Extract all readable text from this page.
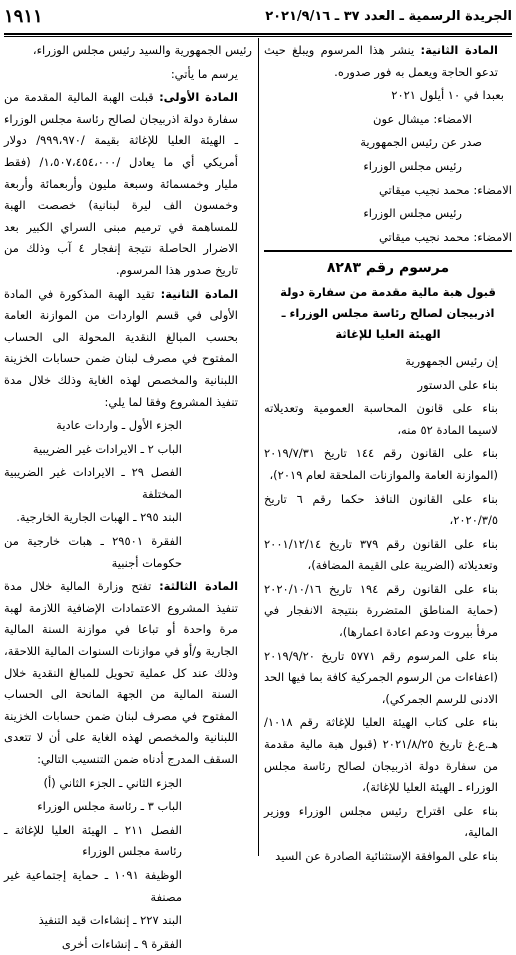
الجريدة الرسمية ـ العدد ٣٧ ـ ٢٠٢١/٩/١٦
١٩١١

المادة الثانية: ينشر هذا المرسوم ويبلغ حيث تدعو الحاجة ويعمل به فور صدوره.

بعبدا في ١٠ أيلول ٢٠٢١

الامضاء: ميشال عون

صدر عن رئيس الجمهورية

رئيس مجلس الوزراء

الامضاء: محمد نجيب ميقاتي

رئيس مجلس الوزراء

الامضاء: محمد نجيب ميقاتي

مرسوم رقم ٨٢٨٣

قبول هبة مالية مقدمة من سفارة دولة اذربيجان لصالح رئاسة مجلس الوزراء ـ الهيئة العليا للإغاثة

إن رئيس الجمهورية

بناء على الدستور

بناء على قانون المحاسبة العمومية وتعديلاته لاسيما المادة ٥٢ منه،

بناء على القانون رقم ١٤٤ تاريخ ٢٠١٩/٧/٣١ (الموازنة العامة والموازنات الملحقة لعام ٢٠١٩)،

بناء على القانون النافذ حكما رقم ٦ تاريخ ٢٠٢٠/٣/٥،

بناء على القانون رقم ٣٧٩ تاريخ ٢٠٠١/١٢/١٤ وتعديلاته (الضريبة على القيمة المضافة)،

بناء على القانون رقم ١٩٤ تاريخ ٢٠٢٠/١٠/١٦ (حماية المناطق المتضررة بنتيجة الانفجار في مرفأ بيروت ودعم اعادة اعمارها)،

بناء على المرسوم رقم ٥٧٧١ تاريخ ٢٠١٩/٩/٢٠ (اعفاءات من الرسوم الجمركية كافة بما فيها الحد الادنى للرسم الجمركي)،

بناء على كتاب الهيئة العليا للإغاثة رقم ١٠١٨/ هـ.ع.غ تاريخ ٢٠٢١/٨/٢٥ (قبول هبة مالية مقدمة من سفارة دولة اذربيجان لصالح رئاسة مجلس الوزراء ـ الهيئة العليا للإغاثة)،

بناء على اقتراح رئيس مجلس الوزراء ووزير المالية،

بناء على الموافقة الإستثنائية الصادرة عن السيد

رئيس الجمهورية والسيد رئيس مجلس الوزراء،

يرسم ما يأتي:

المادة الأولى: قبلت الهبة المالية المقدمة من سفارة دولة اذربيجان لصالح رئاسة مجلس الوزراء ـ الهيئة العليا للإغاثة بقيمة /٩٩٩،٩٧٠/ دولار أمريكي أي ما يعادل /١،٥٠٧،٤٥٤،٠٠٠/ (فقط مليار وخمسمائة وسبعة مليون وأربعمائة وأربعة وخمسون الف ليرة لبنانية) خصصت الهبة للمساهمة في ترميم مبنى السراي الكبير بعد الاضرار الحاصلة نتيجة إنفجار ٤ آب وذلك من تاريخ صدور هذا المرسوم.

المادة الثانية: تقيد الهبة المذكورة في المادة الأولى في قسم الواردات من الموازنة العامة بحسب المبالغ النقدية المحولة الى الحساب المفتوح في مصرف لبنان ضمن حسابات الخزينة اللبنانية والمخصص لهذه الغاية وذلك خلال مدة تنفيذ المشروع وفقا لما يلي:

الجزء الأول ـ واردات عادية

الباب ٢ ـ الايرادات غير الضريبية

الفصل ٢٩ ـ الايرادات غير الضريبية المختلفة

البند ٢٩٥ ـ الهبات الجارية الخارجية.

الفقرة ٢٩٥٠١ ـ هبات خارجية من حكومات أجنبية

المادة الثالثة: تفتح وزارة المالية خلال مدة تنفيذ المشروع الاعتمادات الإضافية اللازمة لهبة مرة واحدة أو تباعا في موازنة السنة المالية الجارية و/أو في موازنات السنوات المالية اللاحقة، وذلك عند كل عملية تحويل للمبالغ النقدية خلال السنة المالية من الجهة المانحة الى الحساب المفتوح في مصرف لبنان ضمن حسابات الخزينة اللبنانية والمخصص لهذه الغاية على أن لا تتعدى السقف المدرج أدناه ضمن التنسيب التالي:

الجزء الثاني ـ الجزء الثاني (أ)

الباب ٣ ـ رئاسة مجلس الوزراء

الفصل ٢١١ ـ الهيئة العليا للإغاثة ـ رئاسة مجلس الوزراء

الوظيفة ١٠٩١ ـ حماية إجتماعية غير مصنفة

البند ٢٢٧ ـ إنشاءات قيد التنفيذ

الفقرة ٩ ـ إنشاءات أخرى
